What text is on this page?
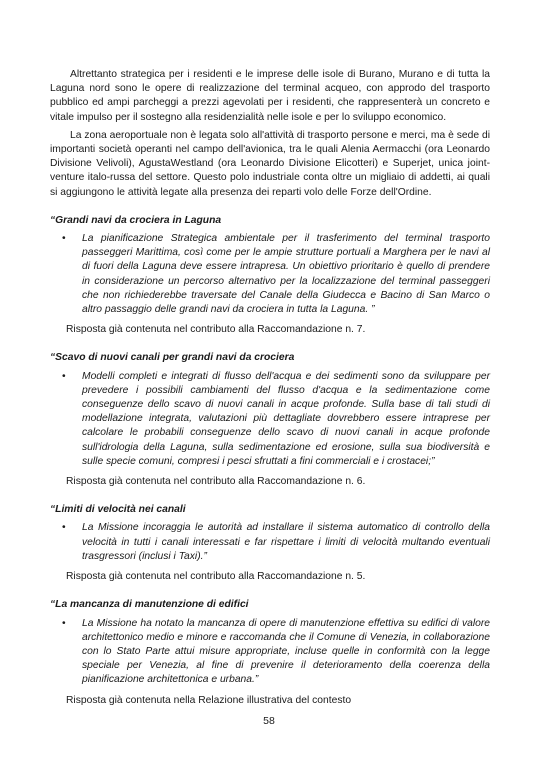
Altrettanto strategica per i residenti e le imprese delle isole di Burano, Murano e di tutta la Laguna nord sono le opere di realizzazione del terminal acqueo, con approdo del trasporto pubblico ed ampi parcheggi a prezzi agevolati per i residenti, che rappresenterà un concreto e vitale impulso per il sostegno alla residenzialità nelle isole e per lo sviluppo economico.

La zona aeroportuale non è legata solo all'attività di trasporto persone e merci, ma è sede di importanti società operanti nel campo dell'avionica, tra le quali Alenia Aermacchi (ora Leonardo Divisione Velivoli), AgustaWestland (ora Leonardo Divisione Elicotteri) e Superjet, unica joint-venture italo-russa del settore. Questo polo industriale conta oltre un migliaio di addetti, ai quali si aggiungono le attività legate alla presenza dei reparti volo delle Forze dell'Ordine.

“Grandi navi da crociera in Laguna
• La pianificazione Strategica ambientale per il trasferimento del terminal trasporto passeggeri Marittima, così come per le ampie strutture portuali a Marghera per le navi al di fuori della Laguna deve essere intrapresa. Un obiettivo prioritario è quello di prendere in considerazione un percorso alternativo per la localizzazione del terminal passeggeri che non richiederebbe traversate del Canale della Giudecca e Bacino di San Marco o altro passaggio delle grandi navi da crociera in tutta la Laguna. ”
Risposta già contenuta nel contributo alla Raccomandazione n. 7.
“Scavo di nuovi canali per grandi navi da crociera
• Modelli completi e integrati di flusso dell'acqua e dei sedimenti sono da sviluppare per prevedere i possibili cambiamenti del flusso d'acqua e la sedimentazione come conseguenze dello scavo di nuovi canali in acque profonde. Sulla base di tali studi di modellazione integrata, valutazioni più dettagliate dovrebbero essere intraprese per calcolare le probabili conseguenze dello scavo di nuovi canali in acque profonde sull'idrologia della Laguna, sulla sedimentazione ed erosione, sulla sua biodiversità e sulle specie comuni, compresi i pesci sfruttati a fini commerciali e i crostacei;”
Risposta già contenuta nel contributo alla Raccomandazione n. 6.
“Limiti di velocità nei canali
• La Missione incoraggia le autorità ad installare il sistema automatico di controllo della velocità in tutti i canali interessati e far rispettare i limiti di velocità multando eventuali trasgressori (inclusi i Taxi).”
Risposta già contenuta nel contributo alla Raccomandazione n. 5.
“La mancanza di manutenzione di edifici
• La Missione ha notato la mancanza di opere di manutenzione effettiva su edifici di valore architettonico medio e minore e raccomanda che il Comune di Venezia, in collaborazione con lo Stato Parte attui misure appropriate, incluse quelle in conformità con la legge speciale per Venezia, al fine di prevenire il deterioramento della coerenza della pianificazione architettonica e urbana.”
Risposta già contenuta nella Relazione illustrativa del contesto
58
